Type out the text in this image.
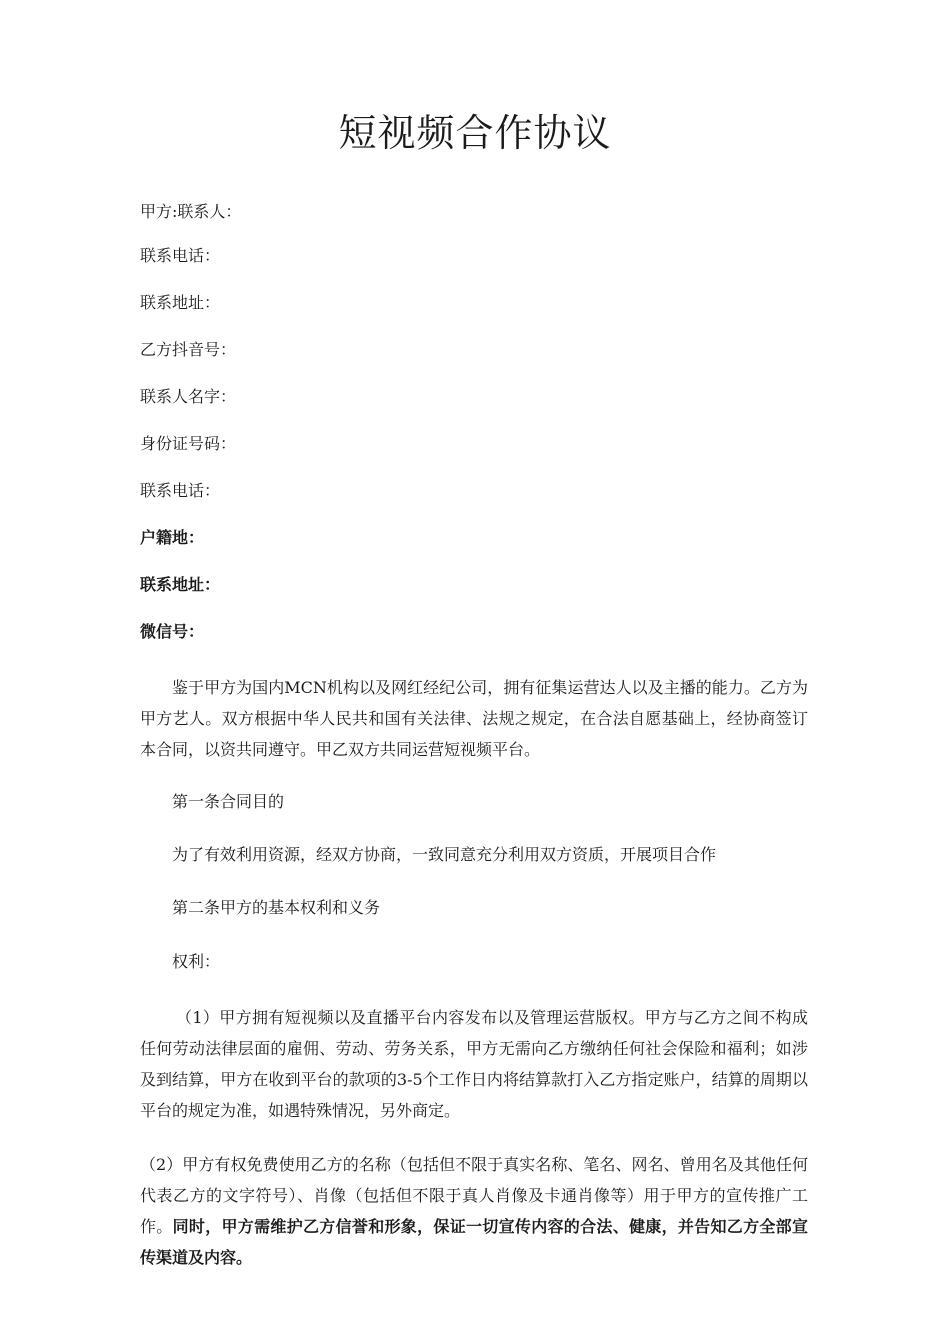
短视频合作协议
甲方:联系人：
联系电话：
联系地址：
乙方抖音号：
联系人名字：
身份证号码：
联系电话：
户籍地：
联系地址：
微信号：
鉴于甲方为国内MCN机构以及网红经纪公司，拥有征集运营达人以及主播的能力。乙方为甲方艺人。双方根据中华人民共和国有关法律、法规之规定，在合法自愿基础上，经协商签订本合同，以资共同遵守。甲乙双方共同运营短视频平台。
第一条合同目的
为了有效利用资源，经双方协商，一致同意充分利用双方资质，开展项目合作
第二条甲方的基本权利和义务
权利：
（1）甲方拥有短视频以及直播平台内容发布以及管理运营版权。甲方与乙方之间不构成任何劳动法律层面的雇佣、劳动、劳务关系，甲方无需向乙方缴纳任何社会保险和福利；如涉及到结算，甲方在收到平台的款项的3-5个工作日内将结算款打入乙方指定账户，结算的周期以平台的规定为准，如遇特殊情况，另外商定。
（2）甲方有权免费使用乙方的名称（包括但不限于真实名称、笔名、网名、曾用名及其他任何代表乙方的文字符号）、肖像（包括但不限于真人肖像及卡通肖像等）用于甲方的宣传推广工作。同时，甲方需维护乙方信誉和形象，保证一切宣传内容的合法、健康，并告知乙方全部宣传渠道及内容。
